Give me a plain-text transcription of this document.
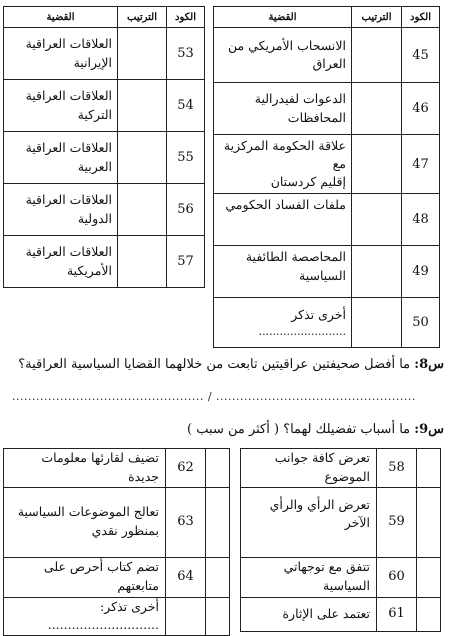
القضية	الترتيب	الكود

الانسحاب الأمريكي من
العراق		45

الدعوات لفيدرالية
المحافظات		46

علاقة الحكومة المركزية مع
إقليم كردستان		47

ملفات الفساد الحكومي		48

المحاصصة الطائفية السياسية		49

أخرى تذكر
.........................		50
القضية	الترتيب	الكود

العلاقات العراقية
الإيرانية		53

العلاقات العراقية
التركية		54

العلاقات العراقية
العربية		55

العلاقات العراقية
الدولية		56

العلاقات العراقية
الأمريكية		57
س8: ما أفضل صحيفتين عراقيتين تابعت من خلالهما القضايا السياسية العراقية؟
................................................ / ..................................................
س9: ما أسباب تفضيلك لهما؟ ( أكثر من سبب )
تعرض كافة جوانب الموضوع	58	
تعرض الرأي والرأي الآخر	59	
تتفق مع توجهاتي السياسية	60	
تعتمد على الإثارة	61	
تضيف لقارئها معلومات جديدة	62	
تعالج الموضوعات السياسية بمنظور نقدي	63	
تضم كتاب أحرص على متابعتهم	64	
أخرى تذكر: ............................		
